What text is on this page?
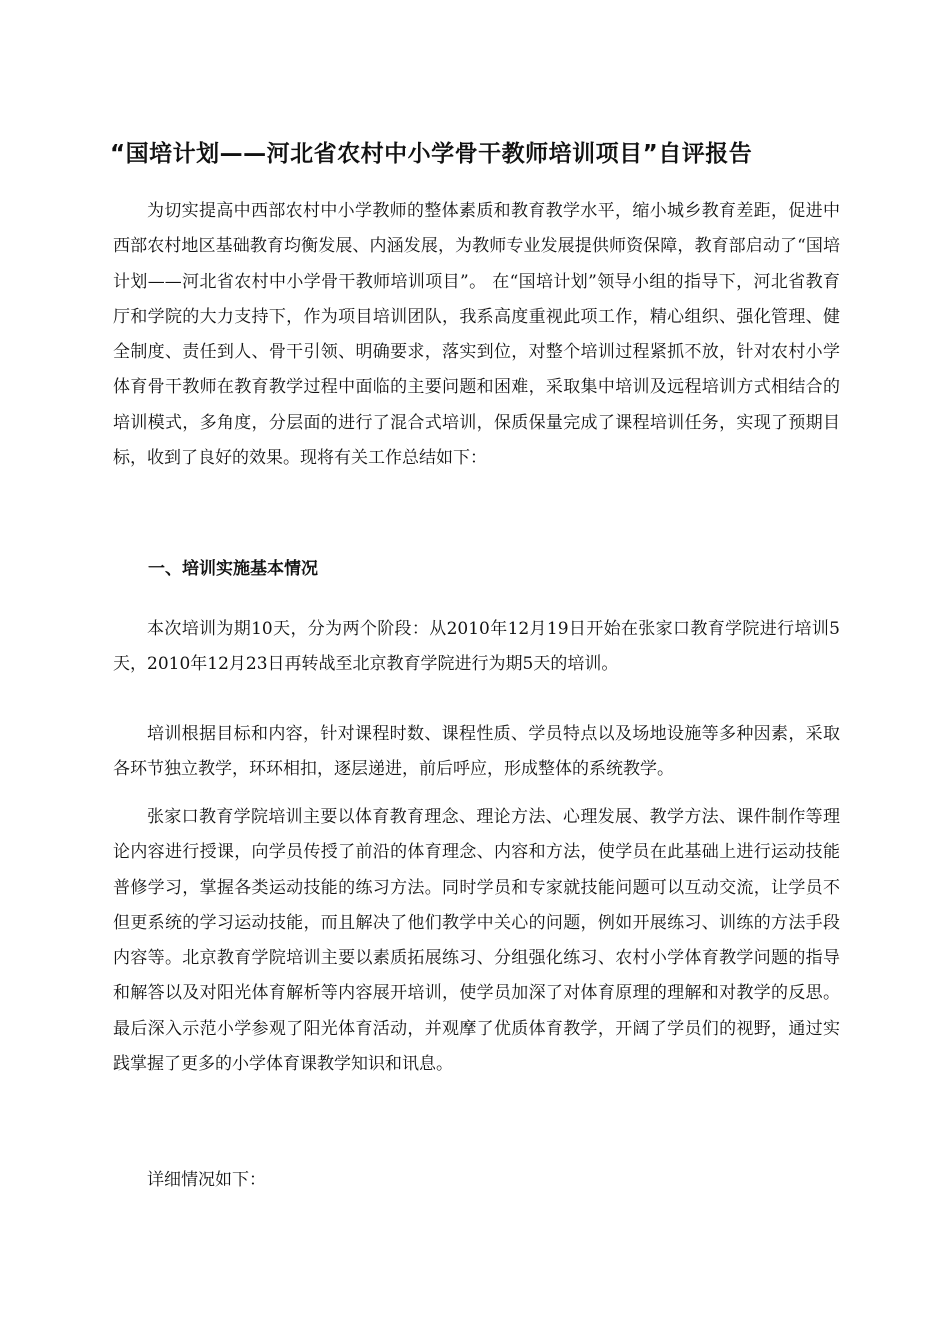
“国培计划——河北省农村中小学骨干教师培训项目”自评报告

为切实提高中西部农村中小学教师的整体素质和教育教学水平，缩小城乡教育差距，促进中西部农村地区基础教育均衡发展、内涵发展，为教师专业发展提供师资保障，教育部启动了“国培计划——河北省农村中小学骨干教师培训项目”。 在“国培计划”领导小组的指导下，河北省教育厅和学院的大力支持下，作为项目培训团队，我系高度重视此项工作，精心组织、强化管理、健全制度、责任到人、骨干引领、明确要求，落实到位，对整个培训过程紧抓不放，针对农村小学体育骨干教师在教育教学过程中面临的主要问题和困难，采取集中培训及远程培训方式相结合的培训模式，多角度，分层面的进行了混合式培训，保质保量完成了课程培训任务，实现了预期目标，收到了良好的效果。现将有关工作总结如下：

一、培训实施基本情况

本次培训为期10天，分为两个阶段：从2010年12月19日开始在张家口教育学院进行培训5天，2010年12月23日再转战至北京教育学院进行为期5天的培训。

培训根据目标和内容，针对课程时数、课程性质、学员特点以及场地设施等多种因素，采取各环节独立教学，环环相扣，逐层递进，前后呼应，形成整体的系统教学。

张家口教育学院培训主要以体育教育理念、理论方法、心理发展、教学方法、课件制作等理论内容进行授课，向学员传授了前沿的体育理念、内容和方法，使学员在此基础上进行运动技能普修学习，掌握各类运动技能的练习方法。同时学员和专家就技能问题可以互动交流，让学员不但更系统的学习运动技能，而且解决了他们教学中关心的问题，例如开展练习、训练的方法手段内容等。北京教育学院培训主要以素质拓展练习、分组强化练习、农村小学体育教学问题的指导和解答以及对阳光体育解析等内容展开培训，使学员加深了对体育原理的理解和对教学的反思。最后深入示范小学参观了阳光体育活动，并观摩了优质体育教学，开阔了学员们的视野，通过实践掌握了更多的小学体育课教学知识和讯息。

详细情况如下：
